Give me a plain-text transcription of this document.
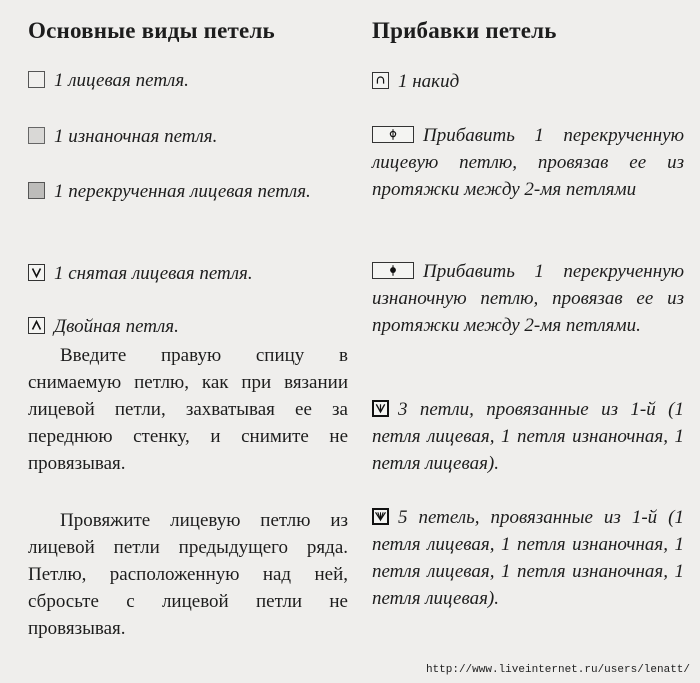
Основные виды петель
1 лицевая петля.
1 изнаночная петля.
1 перекрученная лицевая петля.
1 снятая лицевая петля.
Двойная петля.

Введите правую спицу в снимаемую петлю, как при вязании лицевой петли, захватывая ее за переднюю стенку, и снимите не провязывая.

Провяжите лицевую петлю из лицевой петли предыдущего ряда. Петлю, расположенную над ней, сбросьте с лицевой петли не провязывая.

Прибавки петель
1 накид
Прибавить 1 перекрученную лицевую петлю, провязав ее из протяжки между 2-мя петлями
Прибавить 1 перекрученную изнаночную петлю, провязав ее из протяжки между 2-мя петлями.
3 петли, провязанные из 1-й (1 петля лицевая, 1 петля изнаночная, 1 петля лицевая).
5 петель, провязанные из 1-й (1 петля лицевая, 1 петля изнаночная, 1 петля лицевая, 1 петля изнаночная, 1 петля лицевая).
http://www.liveinternet.ru/users/lenatt/
